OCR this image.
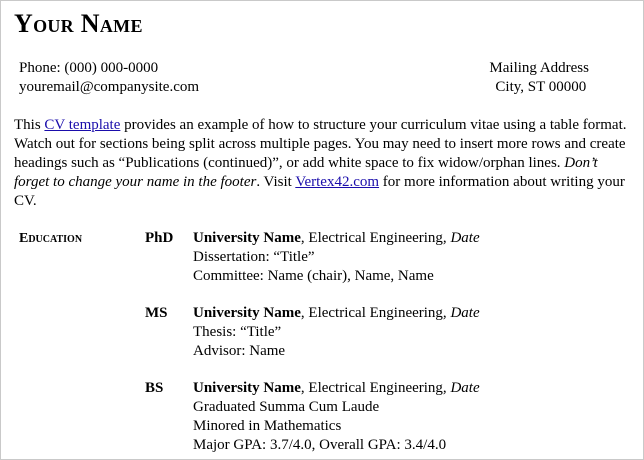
Your Name
Phone: (000) 000-0000
youremail@companysite.com
Mailing Address
City, ST 00000
This CV template provides an example of how to structure your curriculum vitae using a table format. Watch out for sections being split across multiple pages. You may need to insert more rows and create headings such as “Publications (continued)”, or add white space to fix widow/orphan lines. Don’t forget to change your name in the footer. Visit Vertex42.com for more information about writing your CV.
Education	PhD University Name, Electrical Engineering, Date
Dissertation: “Title”
Committee: Name (chair), Name, Name
MS University Name, Electrical Engineering, Date
Thesis: “Title”
Advisor: Name
BS University Name, Electrical Engineering, Date
Graduated Summa Cum Laude
Minored in Mathematics
Major GPA: 3.7/4.0, Overall GPA: 3.4/4.0
